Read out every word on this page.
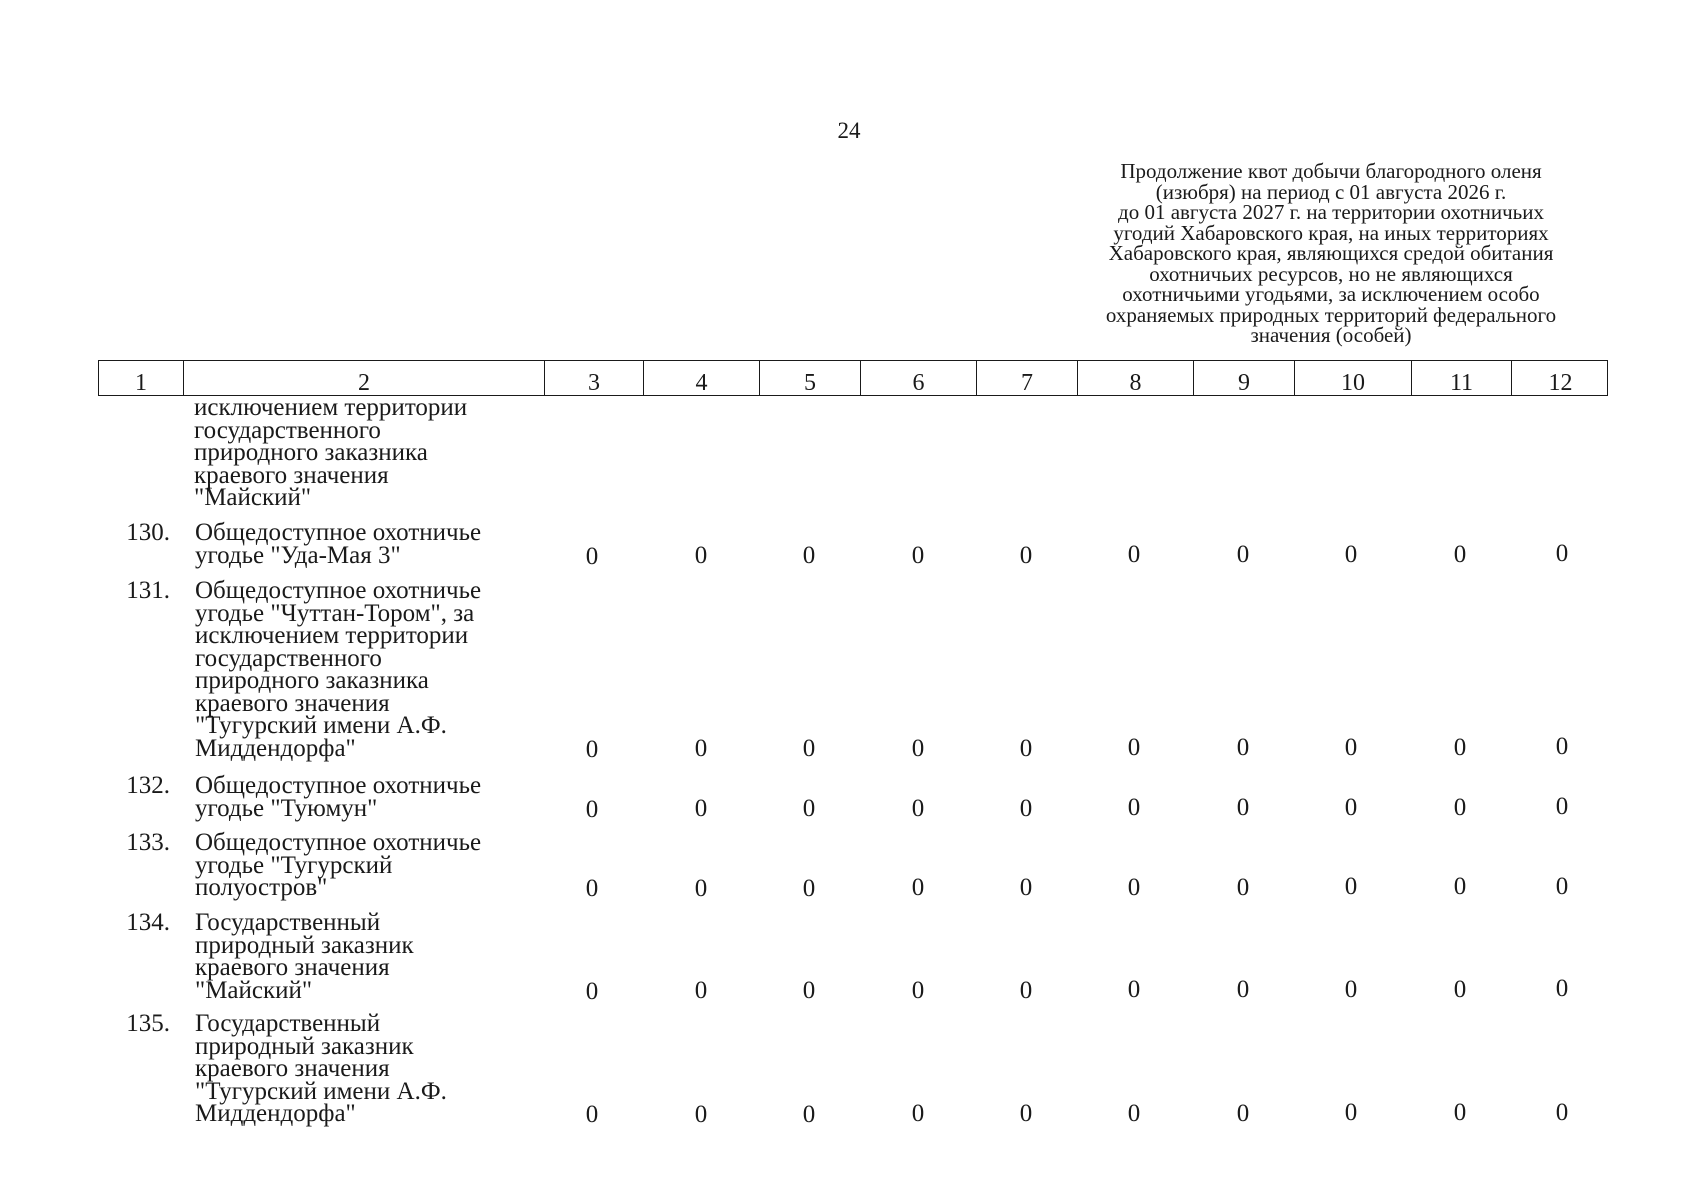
24
Продолжение квот добычи благородного оленя
(изюбря) на период с 01 августа 2026 г.
до 01 августа 2027 г. на территории охотничьих
угодий Хабаровского края, на иных территориях
Хабаровского края, являющихся средой обитания
охотничьих ресурсов, но не являющихся
охотничьими угодьями, за исключением особо
охраняемых природных территорий федерального
значения (особей)
1	2	3	4	5	6	7	8	9	10	11	12
исключением территории
государственного
природного заказника
краевого значения
"Майский"
130. Общедоступное охотничье
угодье "Уда-Мая 3"	0	0	0	0	0	0	0	0	0	0
131. Общедоступное охотничье
угодье "Чуттан-Тором", за
исключением территории
государственного
природного заказника
краевого значения
"Тугурский имени А.Ф.
Миддендорфа"	0	0	0	0	0	0	0	0	0	0
132. Общедоступное охотничье
угодье "Туюмун"	0	0	0	0	0	0	0	0	0	0
133. Общедоступное охотничье
угодье "Тугурский
полуостров"	0	0	0	0	0	0	0	0	0	0
134. Государственный
природный заказник
краевого значения
"Майский"	0	0	0	0	0	0	0	0	0	0
135. Государственный
природный заказник
краевого значения
"Тугурский имени А.Ф.
Миддендорфа"	0	0	0	0	0	0	0	0	0	0
